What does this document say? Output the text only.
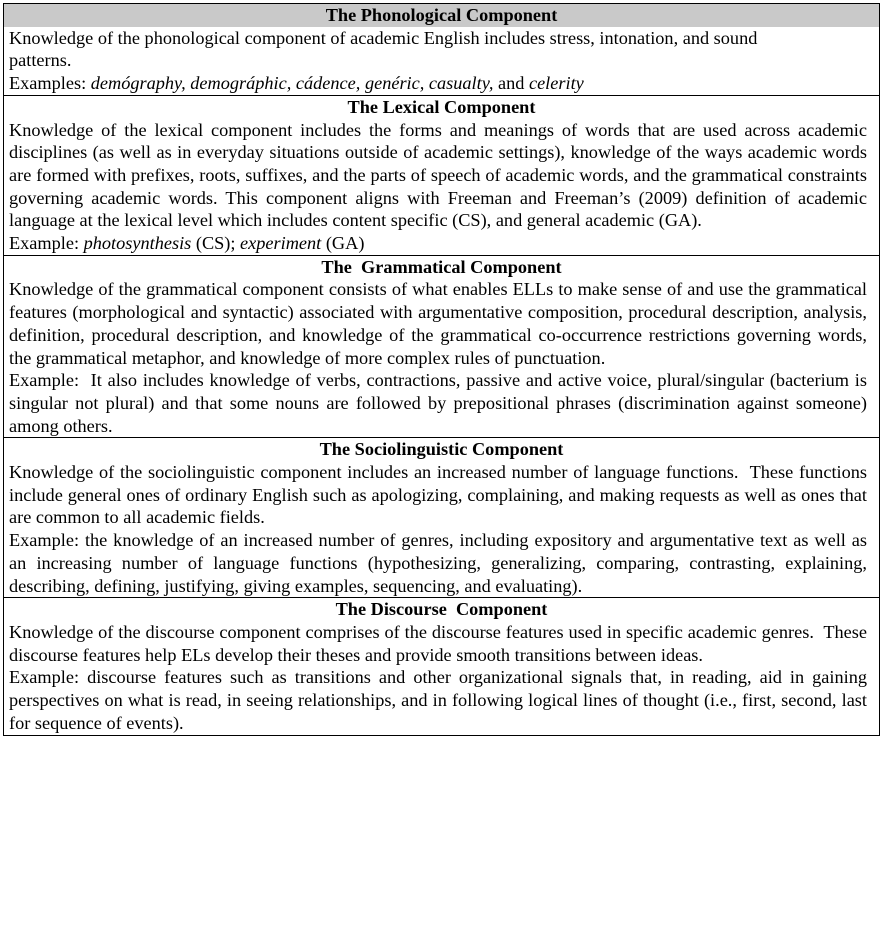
The Phonological Component
Knowledge of the phonological component of academic English includes stress, intonation, and sound patterns.
Examples: demógraphy, demográphic, cádence, genéric, casualty, and celerity
The Lexical Component
Knowledge of the lexical component includes the forms and meanings of words that are used across academic disciplines (as well as in everyday situations outside of academic settings), knowledge of the ways academic words are formed with prefixes, roots, suffixes, and the parts of speech of academic words, and the grammatical constraints governing academic words. This component aligns with Freeman and Freeman’s (2009) definition of academic language at the lexical level which includes content specific (CS), and general academic (GA).
Example: photosynthesis (CS); experiment (GA)
The  Grammatical Component
Knowledge of the grammatical component consists of what enables ELLs to make sense of and use the grammatical features (morphological and syntactic) associated with argumentative composition, procedural description, analysis, definition, procedural description, and knowledge of the grammatical co-occurrence restrictions governing words, the grammatical metaphor, and knowledge of more complex rules of punctuation.
Example:  It also includes knowledge of verbs, contractions, passive and active voice, plural/singular (bacterium is singular not plural) and that some nouns are followed by prepositional phrases (discrimination against someone) among others.
The Sociolinguistic Component
Knowledge of the sociolinguistic component includes an increased number of language functions.  These functions include general ones of ordinary English such as apologizing, complaining, and making requests as well as ones that are common to all academic fields.
Example: the knowledge of an increased number of genres, including expository and argumentative text as well as an increasing number of language functions (hypothesizing, generalizing, comparing, contrasting, explaining, describing, defining, justifying, giving examples, sequencing, and evaluating).
The Discourse  Component
Knowledge of the discourse component comprises of the discourse features used in specific academic genres.  These discourse features help ELs develop their theses and provide smooth transitions between ideas.
Example: discourse features such as transitions and other organizational signals that, in reading, aid in gaining perspectives on what is read, in seeing relationships, and in following logical lines of thought (i.e., first, second, last for sequence of events).
